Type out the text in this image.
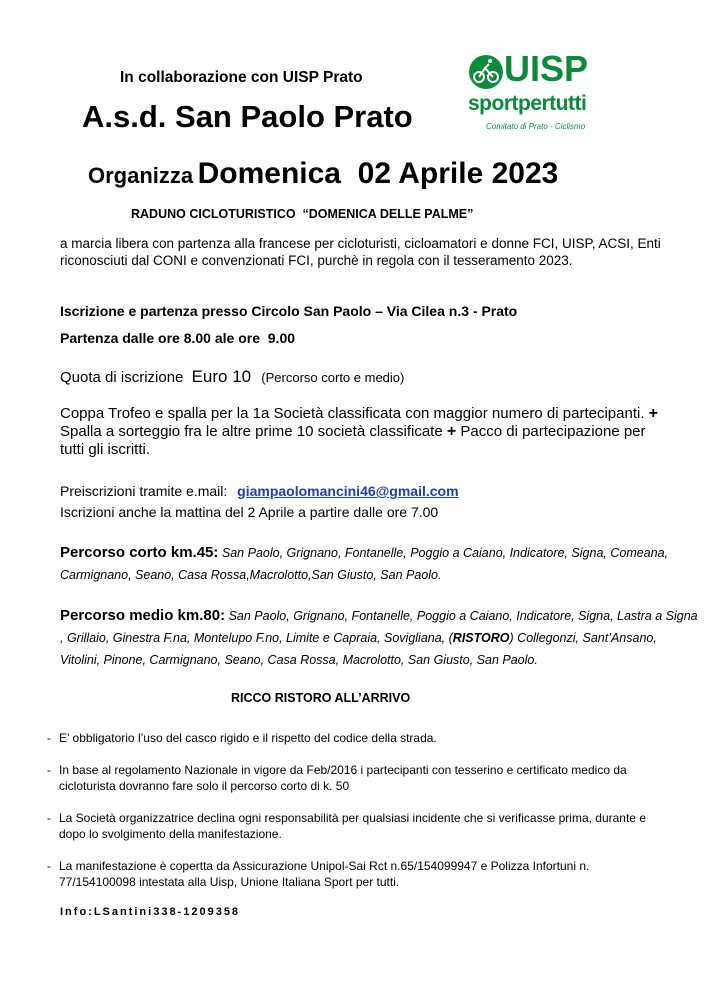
In collaborazione con UISP Prato
A.s.d. San Paolo Prato
Organizza Domenica  02 Aprile 2023
UISP
sportpertutti
Comitato di Prato - Ciclismo
RADUNO CICLOTURISTICO  “DOMENICA DELLE PALME”
a marcia libera con partenza alla francese per cicloturisti, cicloamatori e donne FCI, UISP, ACSI, Enti riconosciuti dal CONI e convenzionati FCI, purchè in regola con il tesseramento 2023.
Iscrizione e partenza presso Circolo San Paolo – Via Cilea n.3 - Prato
Partenza dalle ore 8.00 ale ore  9.00
Quota di iscrizione Euro 10 (Percorso corto e medio)
Coppa Trofeo e spalla per la 1a Società classificata con maggior numero di partecipanti. + Spalla a sorteggio fra le altre prime 10 società classificate + Pacco di partecipazione per tutti gli iscritti.
Preiscrizioni tramite e.mail: giampaolomancini46@gmail.com
Iscrizioni anche la mattina del 2 Aprile a partire dalle ore 7.00
Percorso corto km.45: San Paolo, Grignano, Fontanelle, Poggio a Caiano, Indicatore, Signa, Comeana, Carmignano, Seano, Casa Rossa,Macrolotto,San Giusto, San Paolo.
Percorso medio km.80: San Paolo, Grignano, Fontanelle, Poggio a Caiano, Indicatore, Signa, Lastra a Signa , Grillaio, Ginestra F.na, Montelupo F.no, Limite e Capraia, Sovigliana, (RISTORO) Collegonzi, Sant’Ansano, Vitolini, Pinone, Carmignano, Seano, Casa Rossa, Macrolotto, San Giusto, San Paolo.
RICCO RISTORO ALL’ARRIVO
- E’ obbligatorio l’uso del casco rigido e il rispetto del codice della strada.
- In base al regolamento Nazionale in vigore da Feb/2016 i partecipanti con tesserino e certificato medico da cicloturista dovranno fare solo il percorso corto di k. 50
- La Società organizzatrice declina ogni responsabilità per qualsiasi incidente che si verificasse prima, durante e dopo lo svolgimento della manifestazione.
- La manifestazione è copertta da Assicurazione Unipol-Sai Rct n.65/154099947 e Polizza Infortuni n. 77/154100098 intestata alla Uisp, Unione Italiana Sport per tutti.
Info:LSantini338-1209358
